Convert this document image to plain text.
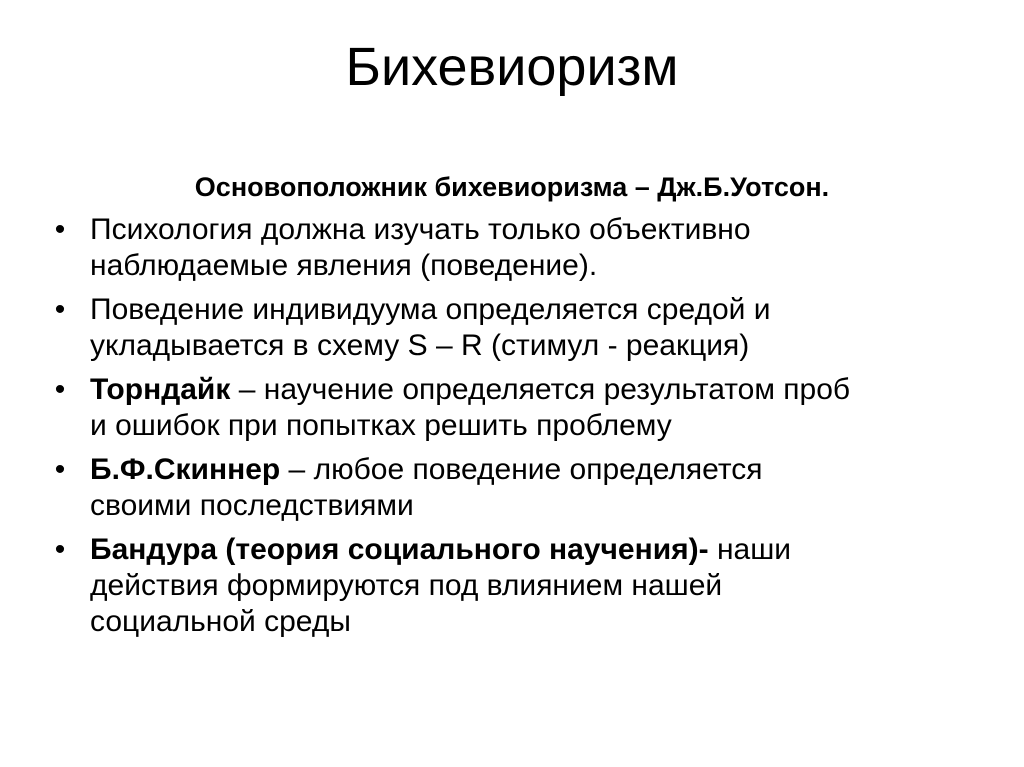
Бихевиоризм

Основоположник бихевиоризма – Дж.Б.Уотсон.

• Психология должна изучать только объективно
наблюдаемые явления (поведение).
• Поведение индивидуума определяется средой и
укладывается в схему S – R (стимул - реакция)
• Торндайк – научение определяется результатом проб
и ошибок при попытках решить проблему
• Б.Ф.Скиннер – любое поведение определяется
своими последствиями
• Бандура (теория социального научения)- наши
действия формируются под влиянием нашей
социальной среды
